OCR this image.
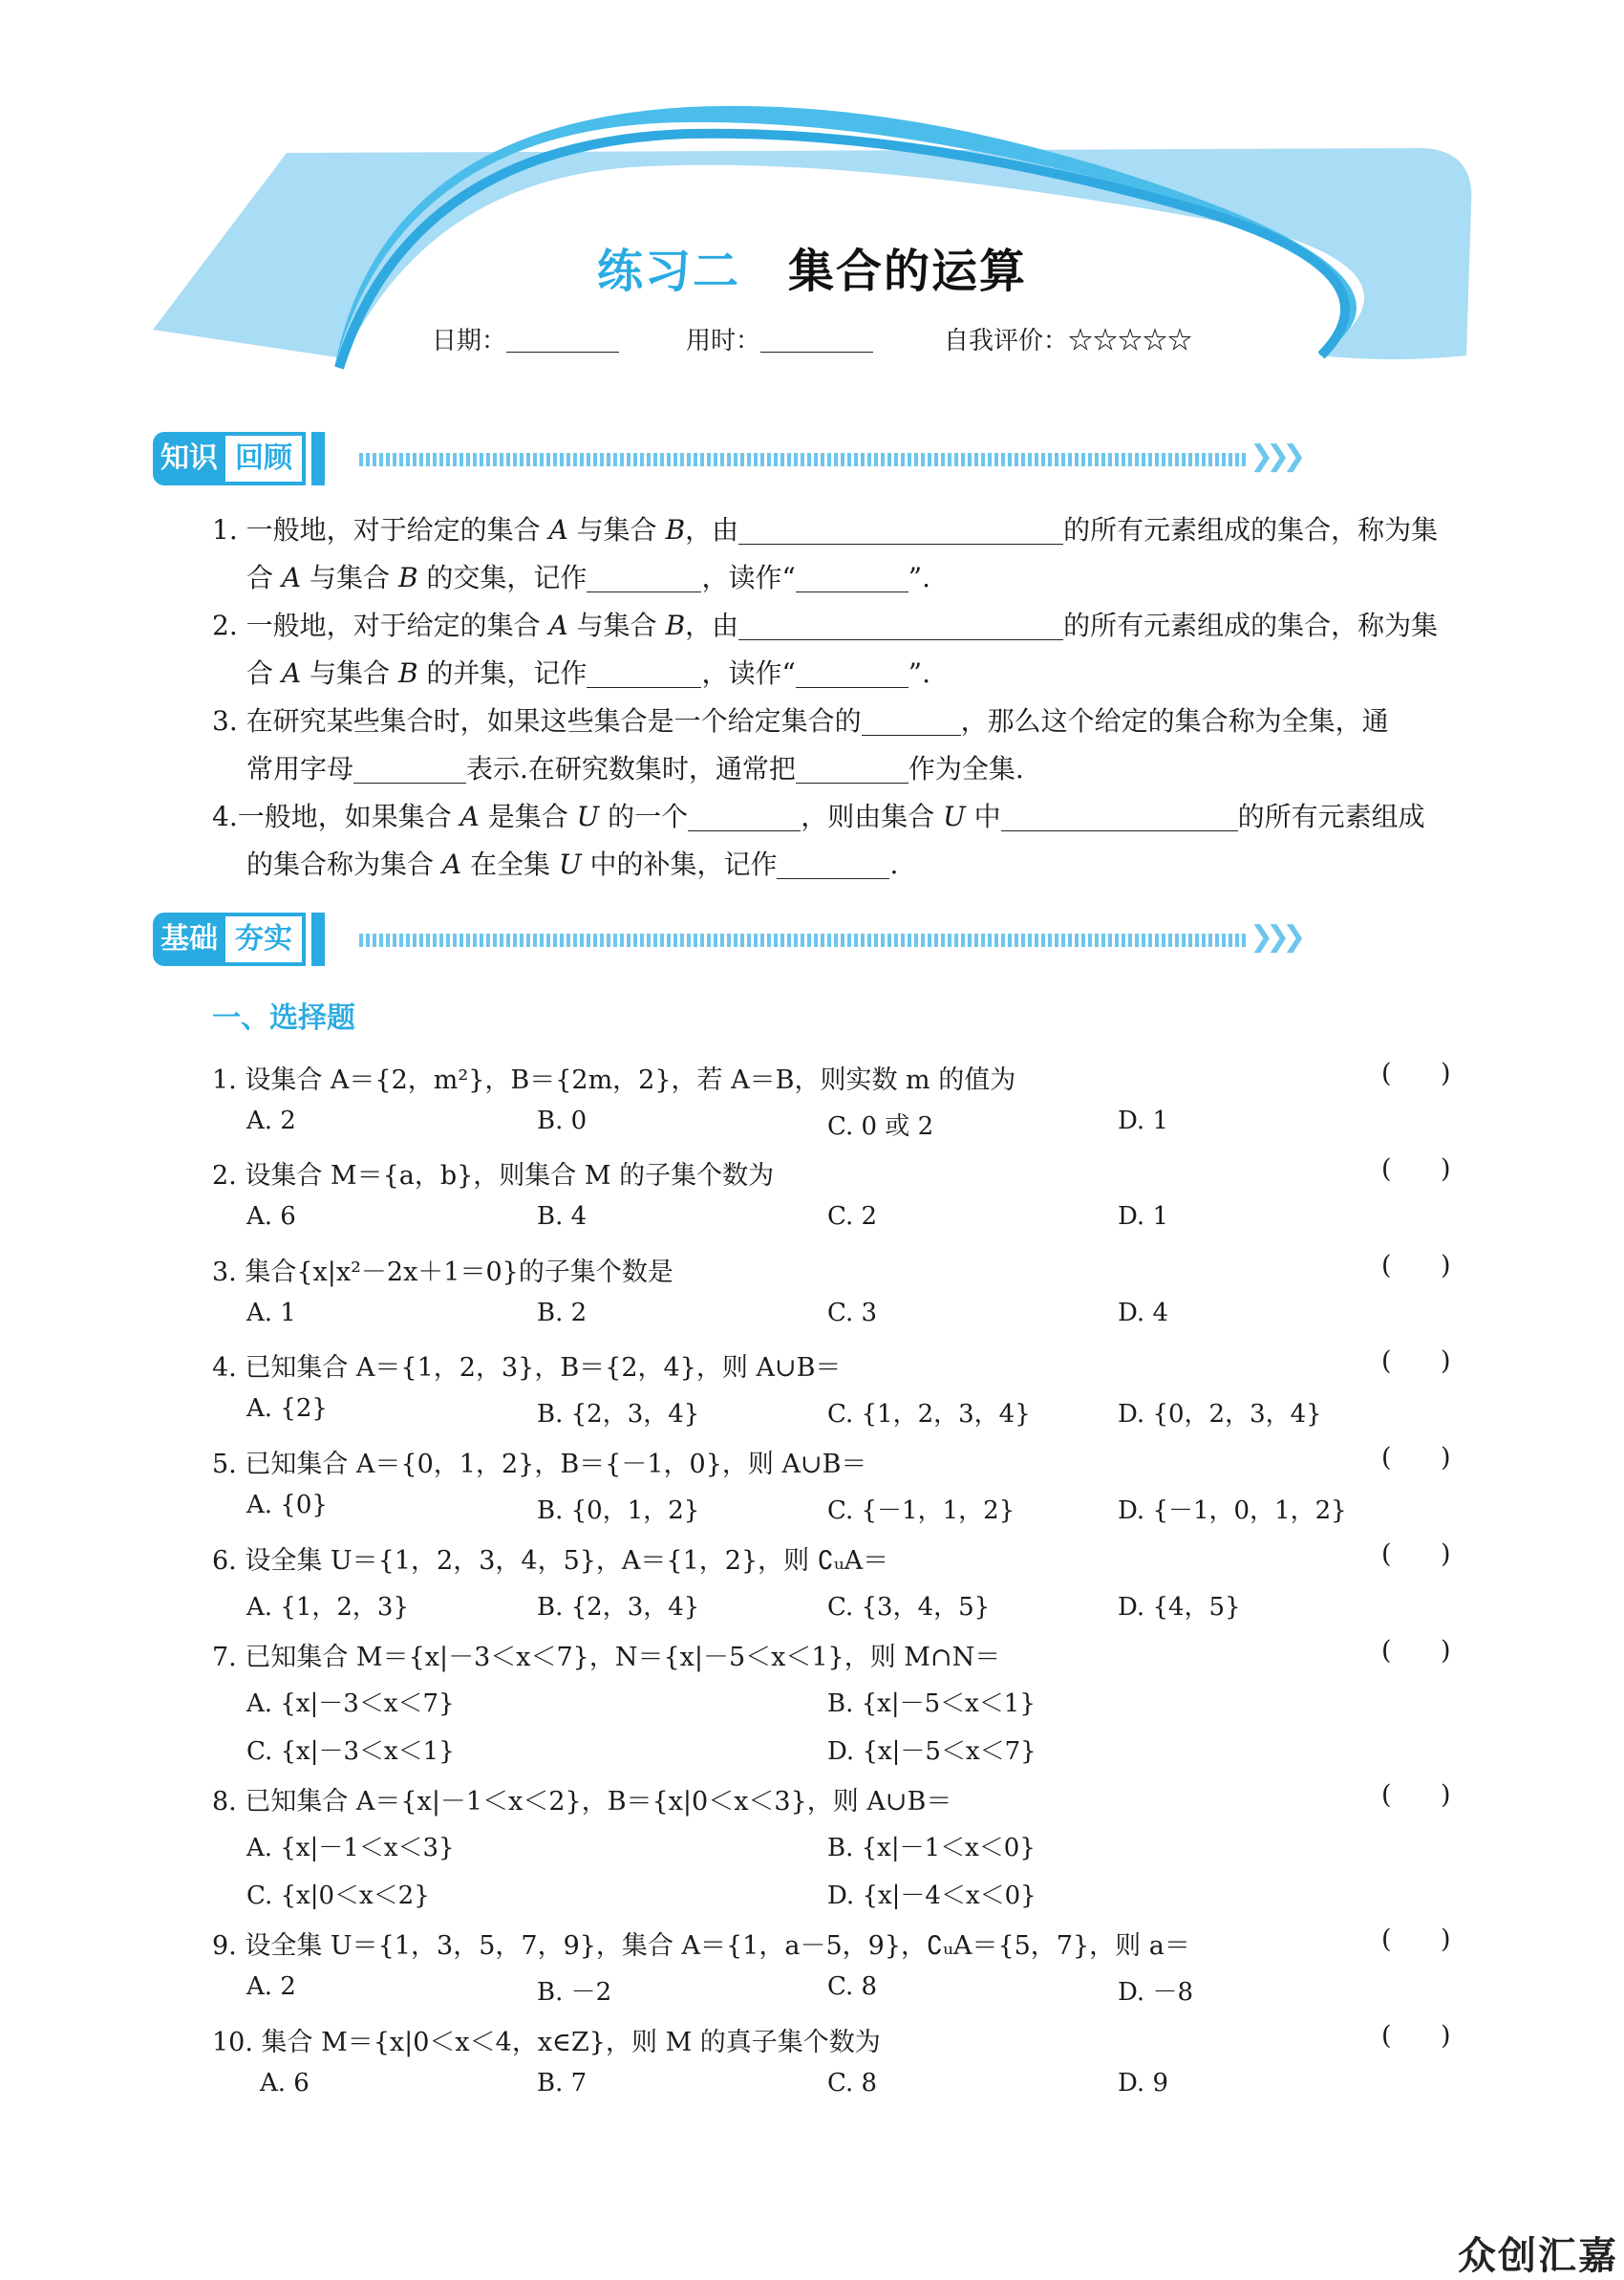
练习二 集合的运算
日期：	用时：	自我评价：☆☆☆☆☆
知识 回顾	❯❯❯
1. 一般地，对于给定的集合 A 与集合 B，由	的所有元素组成的集合，称为集
合 A 与集合 B 的交集，记作	，读作“	”.
2. 一般地，对于给定的集合 A 与集合 B，由	的所有元素组成的集合，称为集
合 A 与集合 B 的并集，记作	，读作“	”.
3. 在研究某些集合时，如果这些集合是一个给定集合的	，那么这个给定的集合称为全集，通
常用字母	表示.在研究数集时，通常把	作为全集.
4.一般地，如果集合 A 是集合 U 的一个	，则由集合 U 中	的所有元素组成
的集合称为集合 A 在全集 U 中的补集，记作	.
基础 夯实	❯❯❯
一、选择题
1. 设集合 A＝{2，m²}，B＝{2m，2}，若 A＝B，则实数 m 的值为	(      )
A. 2	B. 0	C. 0 或 2	D. 1
2. 设集合 M＝{a，b}，则集合 M 的子集个数为	(      )
A. 6	B. 4	C. 2	D. 1
3. 集合{x|x²－2x＋1＝0}的子集个数是	(      )
A. 1	B. 2	C. 3	D. 4
4. 已知集合 A＝{1，2，3}，B＝{2，4}，则 A∪B＝	(      )
A. {2}	B. {2，3，4}	C. {1，2，3，4}	D. {0，2，3，4}
5. 已知集合 A＝{0，1，2}，B＝{－1，0}，则 A∪B＝	(      )
A. {0}	B. {0，1，2}	C. {－1，1，2}	D. {－1，0，1，2}
6. 设全集 U＝{1，2，3，4，5}，A＝{1，2}，则 ∁ᵤA＝	(      )
A. {1，2，3}	B. {2，3，4}	C. {3，4，5}	D. {4，5}
7. 已知集合 M＝{x|－3＜x＜7}，N＝{x|－5＜x＜1}，则 M∩N＝	(      )
A. {x|－3＜x＜7}	B. {x|－5＜x＜1}
C. {x|－3＜x＜1}	D. {x|－5＜x＜7}
8. 已知集合 A＝{x|－1＜x＜2}，B＝{x|0＜x＜3}，则 A∪B＝	(      )
A. {x|－1＜x＜3}	B. {x|－1＜x＜0}
C. {x|0＜x＜2}	D. {x|－4＜x＜0}
9. 设全集 U＝{1，3，5，7，9}，集合 A＝{1，a－5，9}，∁ᵤA＝{5，7}，则 a＝	(      )
A. 2	B. －2	C. 8	D. －8
10. 集合 M＝{x|0＜x＜4，x∈Z}，则 M 的真子集个数为	(      )
A. 6	B. 7	C. 8	D. 9
众创汇嘉
